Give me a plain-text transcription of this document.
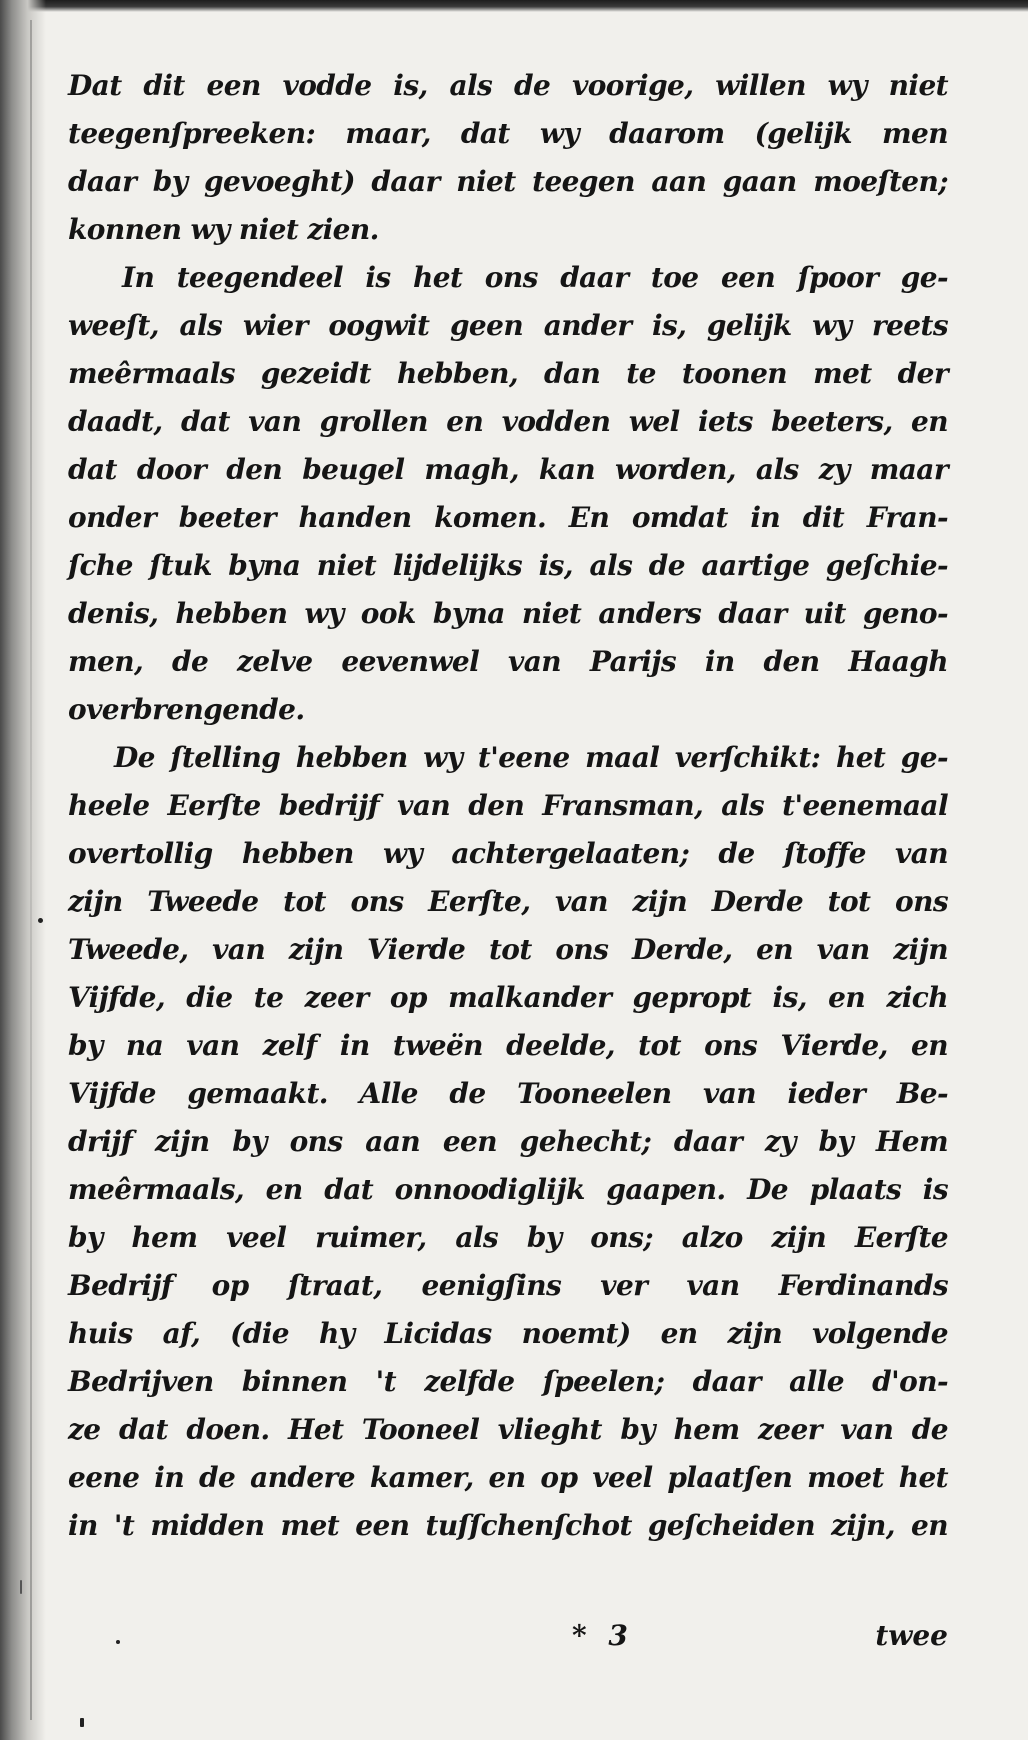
Dat dit een vodde is, als de voorige, willen wy niet
teegenſpreeken: maar, dat wy daarom (gelijk men
daar by gevoeght) daar niet teegen aan gaan moeſten;
konnen wy niet zien.
In teegendeel is het ons daar toe een ſpoor ge-
weeſt, als wier oogwit geen ander is, gelijk wy reets
meêrmaals gezeidt hebben, dan te toonen met der
daadt, dat van grollen en vodden wel iets beeters, en
dat door den beugel magh, kan worden, als zy maar
onder beeter handen komen. En omdat in dit Fran-
ſche ſtuk byna niet lijdelijks is, als de aartige geſchie-
denis, hebben wy ook byna niet anders daar uit geno-
men, de zelve eevenwel van Parijs in den Haagh
overbrengende.
De ſtelling hebben wy t'eene maal verſchikt: het ge-
heele Eerſte bedrijf van den Fransman, als t'eenemaal
overtollig hebben wy achtergelaaten; de ſtoffe van
zijn Tweede tot ons Eerſte, van zijn Derde tot ons
Tweede, van zijn Vierde tot ons Derde, en van zijn
Vijfde, die te zeer op malkander gepropt is, en zich
by na van zelf in tweën deelde, tot ons Vierde, en
Vijfde gemaakt. Alle de Tooneelen van ieder Be-
drijf zijn by ons aan een gehecht; daar zy by Hem
meêrmaals, en dat onnoodiglijk gaapen. De plaats is
by hem veel ruimer, als by ons; alzo zijn Eerſte
Bedrijf op ſtraat, eenigſins ver van Ferdinands
huis af, (die hy Licidas noemt) en zijn volgende
Bedrijven binnen 't zelfde ſpeelen; daar alle d'on-
ze dat doen. Het Tooneel vlieght by hem zeer van de
eene in de andere kamer, en op veel plaatſen moet het
in 't midden met een tuſſchenſchot geſcheiden zijn, en
* 3	twee
